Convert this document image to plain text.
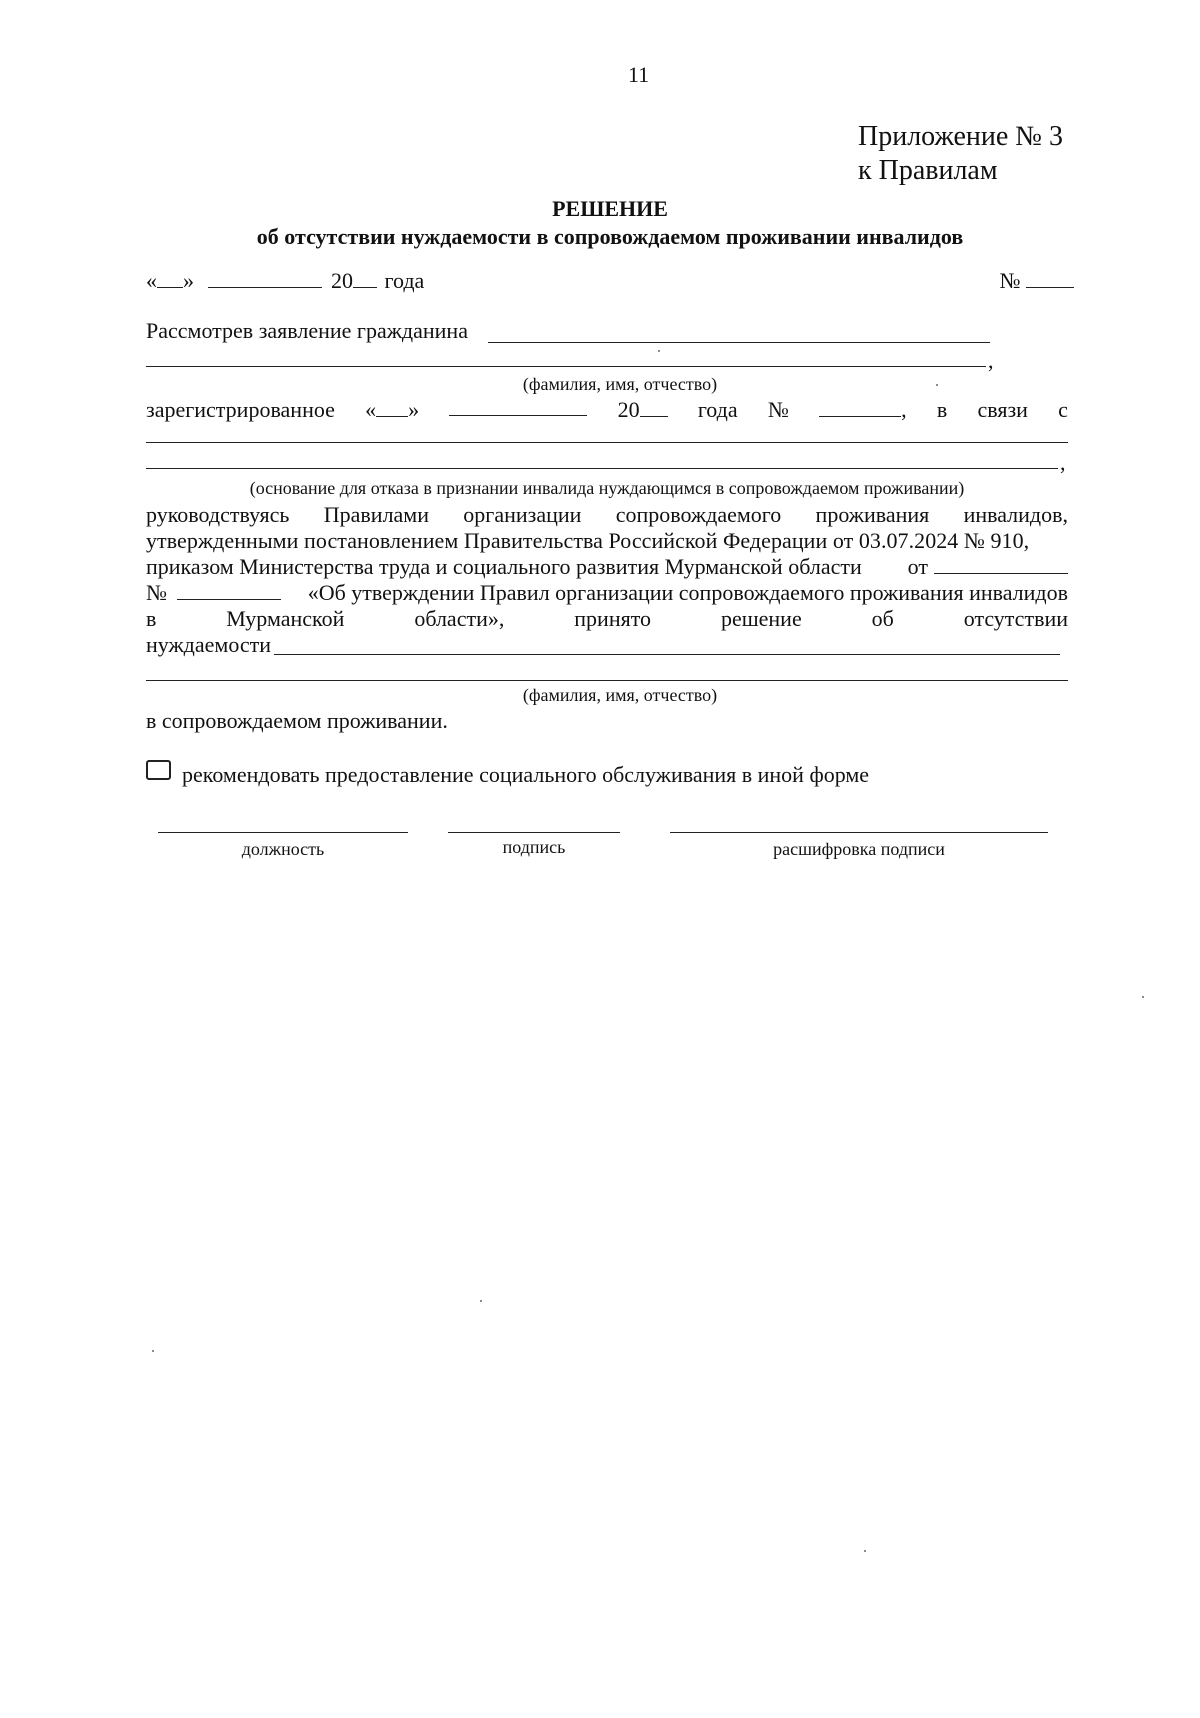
11
Приложение № 3
к Правилам
РЕШЕНИЕ
об отсутствии нуждаемости в сопровождаемом проживании инвалидов
« »	20 года	№
Рассмотрев заявление гражданина
,
(фамилия, имя, отчество)
зарегистрированное « »	20	года №	, в связи с
,
(основание для отказа в признании инвалида нуждающимся в сопровождаемом проживании)
руководствуясь Правилами организации сопровождаемого проживания инвалидов,
утвержденными постановлением Правительства Российской Федерации от 03.07.2024 № 910,
приказом Министерства труда и социального развития Мурманской области от
№	«Об утверждении Правил организации сопровождаемого проживания инвалидов
в	Мурманской	области»,	принято	решение	об	отсутствии
нуждаемости
(фамилия, имя, отчество)
в сопровождаемом проживании.
рекомендовать предоставление социального обслуживания в иной форме
должность	подпись	расшифровка подписи
